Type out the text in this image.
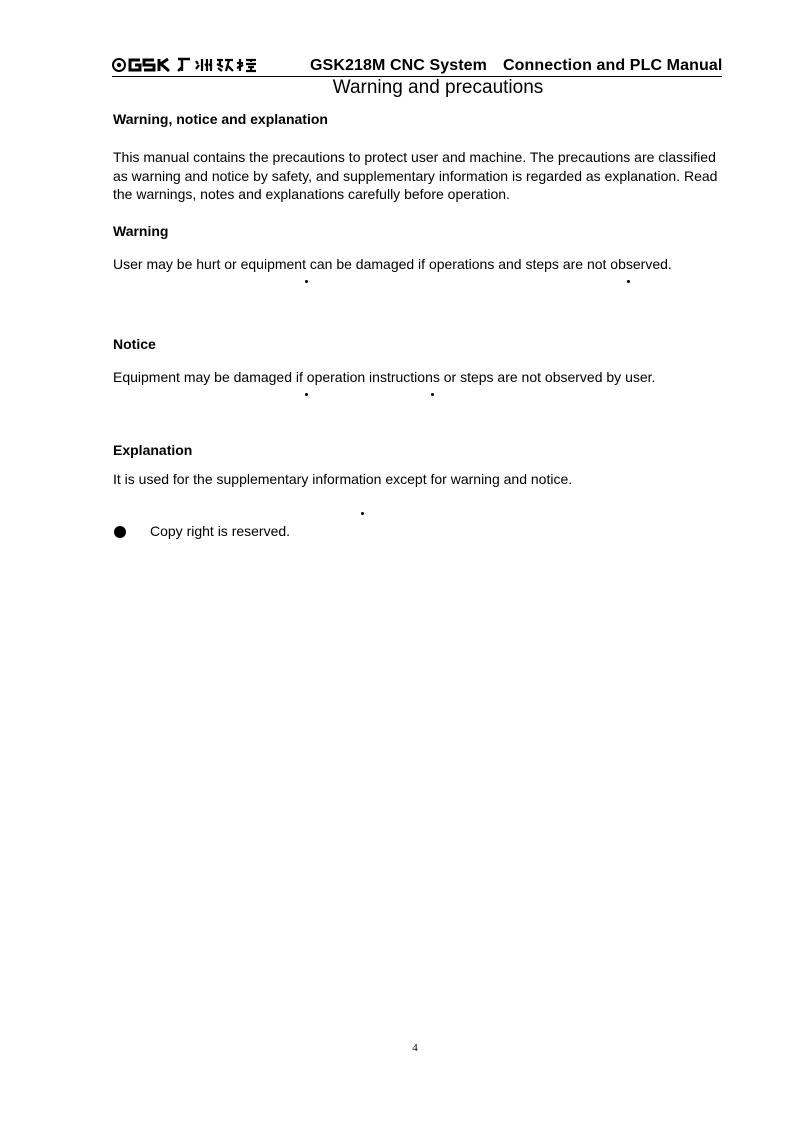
GSK218M CNC System Connection and PLC Manual
Warning and precautions
Warning, notice and explanation
This manual contains the precautions to protect user and machine. The precautions are classified
as warning and notice by safety, and supplementary information is regarded as explanation. Read
the warnings, notes and explanations carefully before operation.
Warning
User may be hurt or equipment can be damaged if operations and steps are not observed.
Notice
Equipment may be damaged if operation instructions or steps are not observed by user.
Explanation
It is used for the supplementary information except for warning and notice.
Copy right is reserved.
4
